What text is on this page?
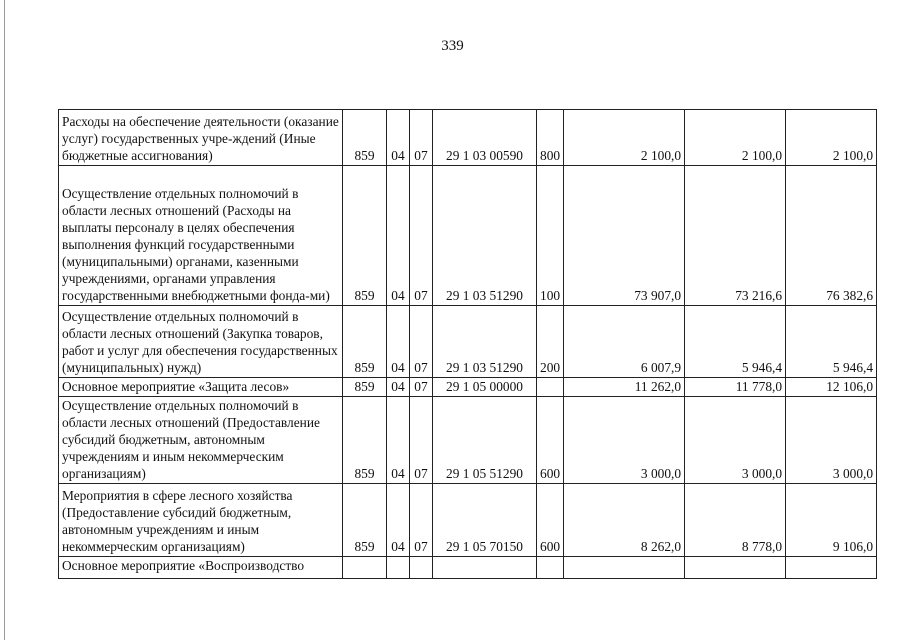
339
Расходы на обеспечение деятельности (оказание услуг) государственных учре-ждений (Иные бюджетные ассигнования)	859	04	07	29 1 03 00590	800	2 100,0	2 100,0	2 100,0
Осуществление отдельных полномочий в области лесных отношений (Расходы на выплаты персоналу в целях обеспечения выполнения функций государственными (муниципальными) органами, казенными учреждениями, органами управления государственными внебюджетными фонда-ми)	859	04	07	29 1 03 51290	100	73 907,0	73 216,6	76 382,6
Осуществление отдельных полномочий в области лесных отношений (Закупка товаров, работ и услуг для обеспечения государственных (муниципальных) нужд)	859	04	07	29 1 03 51290	200	6 007,9	5 946,4	5 946,4
Основное мероприятие «Защита лесов»	859	04	07	29 1 05 00000		11 262,0	11 778,0	12 106,0
Осуществление отдельных полномочий в области лесных отношений (Предоставление субсидий бюджетным, автономным учреждениям и иным некоммерческим организациям)	859	04	07	29 1 05 51290	600	3 000,0	3 000,0	3 000,0
Мероприятия в сфере лесного хозяйства (Предоставление субсидий бюджетным, автономным учреждениям и иным некоммерческим организациям)	859	04	07	29 1 05 70150	600	8 262,0	8 778,0	9 106,0
Основное мероприятие «Воспроизводство								
